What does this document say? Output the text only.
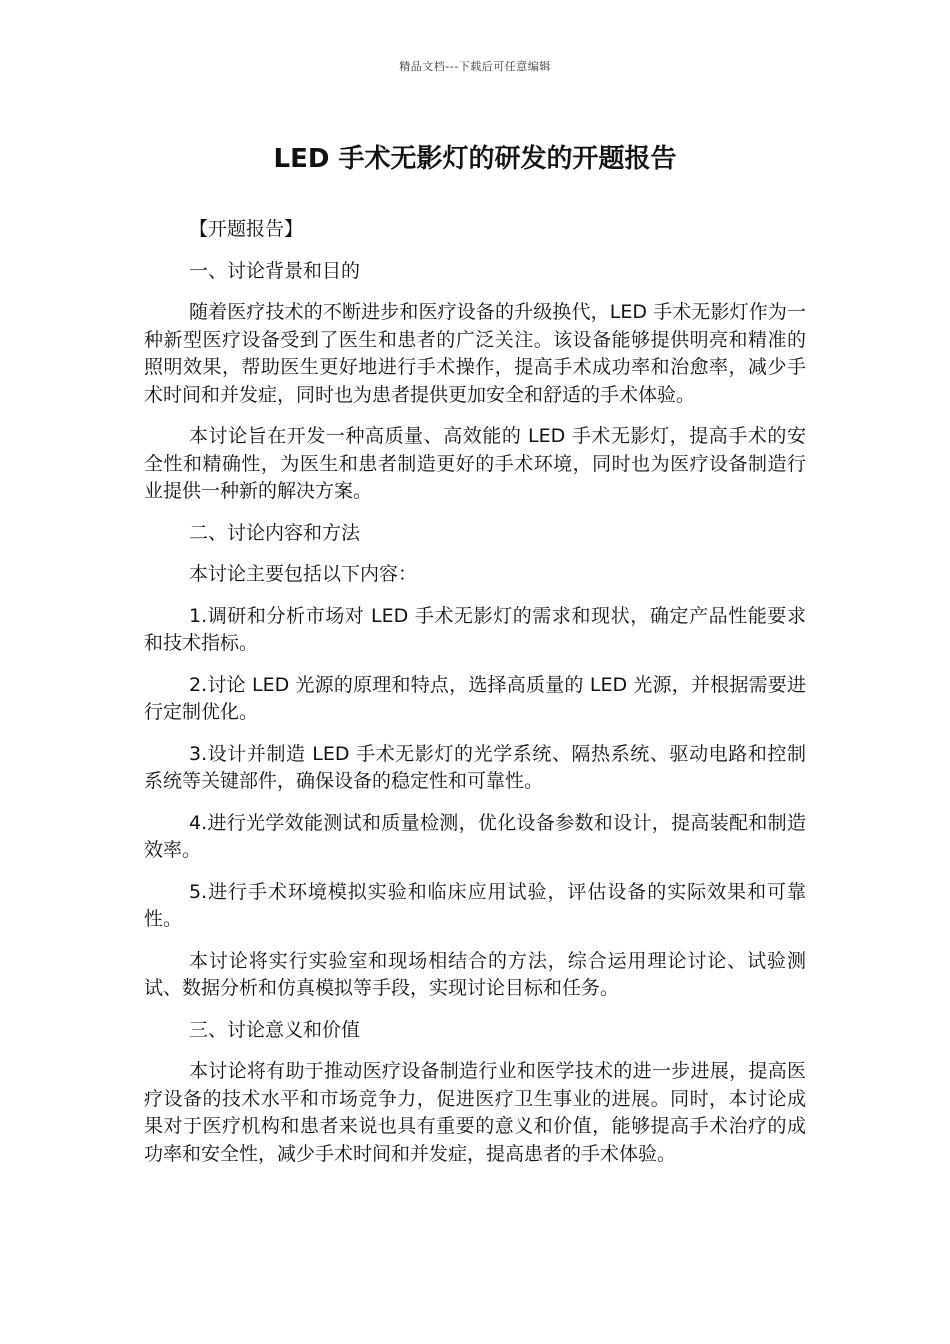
精品文档---下载后可任意编辑
LED 手术无影灯的研发的开题报告

【开题报告】

一、讨论背景和目的

随着医疗技术的不断进步和医疗设备的升级换代，LED 手术无影灯作为一种新型医疗设备受到了医生和患者的广泛关注。该设备能够提供明亮和精准的照明效果，帮助医生更好地进行手术操作，提高手术成功率和治愈率，减少手术时间和并发症，同时也为患者提供更加安全和舒适的手术体验。

本讨论旨在开发一种高质量、高效能的 LED 手术无影灯，提高手术的安全性和精确性，为医生和患者制造更好的手术环境，同时也为医疗设备制造行业提供一种新的解决方案。

二、讨论内容和方法

本讨论主要包括以下内容：

1.调研和分析市场对 LED 手术无影灯的需求和现状，确定产品性能要求和技术指标。

2.讨论 LED 光源的原理和特点，选择高质量的 LED 光源，并根据需要进行定制优化。

3.设计并制造 LED 手术无影灯的光学系统、隔热系统、驱动电路和控制系统等关键部件，确保设备的稳定性和可靠性。

4.进行光学效能测试和质量检测，优化设备参数和设计，提高装配和制造效率。

5.进行手术环境模拟实验和临床应用试验，评估设备的实际效果和可靠性。

本讨论将实行实验室和现场相结合的方法，综合运用理论讨论、试验测试、数据分析和仿真模拟等手段，实现讨论目标和任务。

三、讨论意义和价值

本讨论将有助于推动医疗设备制造行业和医学技术的进一步进展，提高医疗设备的技术水平和市场竞争力，促进医疗卫生事业的进展。同时，本讨论成果对于医疗机构和患者来说也具有重要的意义和价值，能够提高手术治疗的成功率和安全性，减少手术时间和并发症，提高患者的手术体验。
